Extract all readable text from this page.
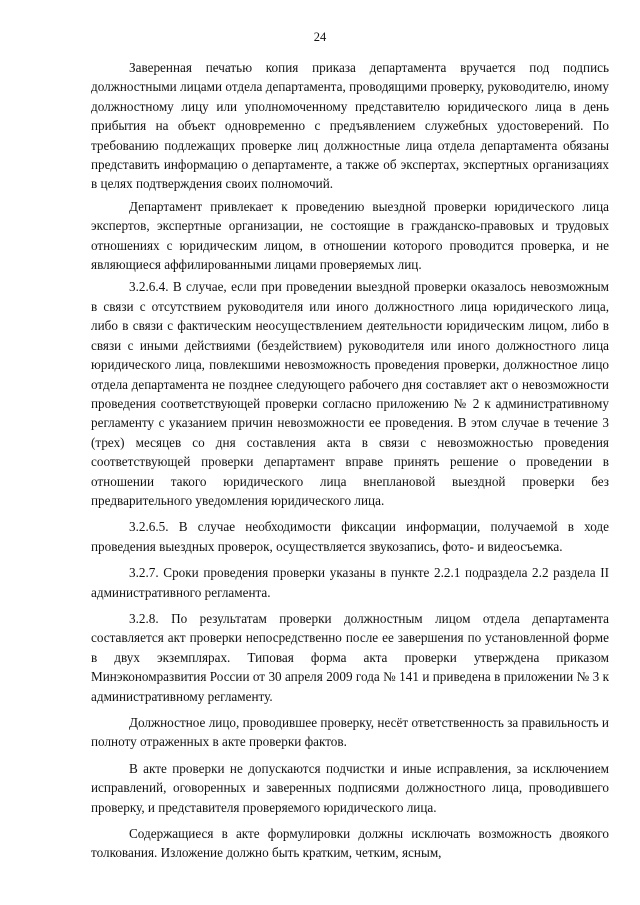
24

Заверенная печатью копия приказа департамента вручается под подпись должностными лицами отдела департамента, проводящими проверку, руководителю, иному должностному лицу или уполномоченному представителю юридического лица в день прибытия на объект одновременно с предъявлением служебных удостоверений. По требованию подлежащих проверке лиц должностные лица отдела департамента обязаны представить информацию о департаменте, а также об экспертах, экспертных организациях в целях подтверждения своих полномочий.

Департамент привлекает к проведению выездной проверки юридического лица экспертов, экспертные организации, не состоящие в гражданско-правовых и трудовых отношениях с юридическим лицом, в отношении которого проводится проверка, и не являющиеся аффилированными лицами проверяемых лиц.

3.2.6.4. В случае, если при проведении выездной проверки оказалось невозможным в связи с отсутствием руководителя или иного должностного лица юридического лица, либо в связи с фактическим неосуществлением деятельности юридическим лицом, либо в связи с иными действиями (бездействием) руководителя или иного должностного лица юридического лица, повлекшими невозможность проведения проверки, должностное лицо отдела департамента не позднее следующего рабочего дня составляет акт о невозможности проведения соответствующей проверки согласно приложению № 2 к административному регламенту с указанием причин невозможности ее проведения. В этом случае в течение 3 (трех) месяцев со дня составления акта в связи с невозможностью проведения соответствующей проверки департамент вправе принять решение о проведении в отношении такого юридического лица внеплановой выездной проверки без предварительного уведомления юридического лица.

3.2.6.5. В случае необходимости фиксации информации, получаемой в ходе проведения выездных проверок, осуществляется звукозапись, фото- и видеосъемка.

3.2.7. Сроки проведения проверки указаны в пункте 2.2.1 подраздела 2.2 раздела II административного регламента.

3.2.8. По результатам проверки должностным лицом отдела департамента составляется акт проверки непосредственно после ее завершения по установленной форме в двух экземплярах. Типовая форма акта проверки утверждена приказом Минэкономразвития России от 30 апреля 2009 года № 141 и приведена в приложении № 3 к административному регламенту.

Должностное лицо, проводившее проверку, несёт ответственность за правильность и полноту отраженных в акте проверки фактов.

В акте проверки не допускаются подчистки и иные исправления, за исключением исправлений, оговоренных и заверенных подписями должностного лица, проводившего проверку, и представителя проверяемого юридического лица.

Содержащиеся в акте формулировки должны исключать возможность двоякого толкования. Изложение должно быть кратким, четким, ясным,
